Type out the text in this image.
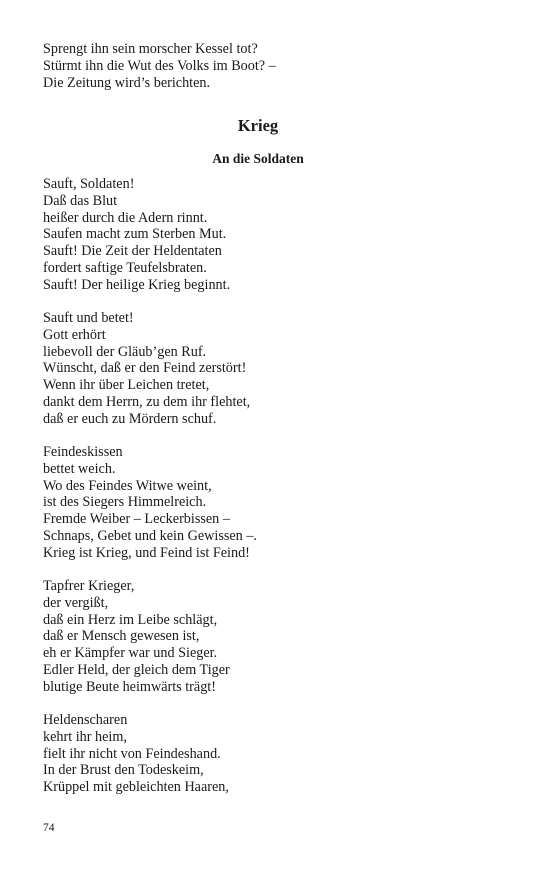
Sprengt ihn sein morscher Kessel tot?
Stürmt ihn die Wut des Volks im Boot? –
Die Zeitung wird’s berichten.
Krieg
An die Soldaten
Sauft, Soldaten!
Daß das Blut
heißer durch die Adern rinnt.
Saufen macht zum Sterben Mut.
Sauft! Die Zeit der Heldentaten
fordert saftige Teufelsbraten.
Sauft! Der heilige Krieg beginnt.
Sauft und betet!
Gott erhört
liebevoll der Gläub’gen Ruf.
Wünscht, daß er den Feind zerstört!
Wenn ihr über Leichen tretet,
dankt dem Herrn, zu dem ihr flehtet,
daß er euch zu Mördern schuf.
Feindeskissen
bettet weich.
Wo des Feindes Witwe weint,
ist des Siegers Himmelreich.
Fremde Weiber – Leckerbissen –
Schnaps, Gebet und kein Gewissen –.
Krieg ist Krieg, und Feind ist Feind!
Tapfrer Krieger,
der vergißt,
daß ein Herz im Leibe schlägt,
daß er Mensch gewesen ist,
eh er Kämpfer war und Sieger.
Edler Held, der gleich dem Tiger
blutige Beute heimwärts trägt!
Heldenscharen
kehrt ihr heim,
fielt ihr nicht von Feindeshand.
In der Brust den Todeskeim,
Krüppel mit gebleichten Haaren,
74
